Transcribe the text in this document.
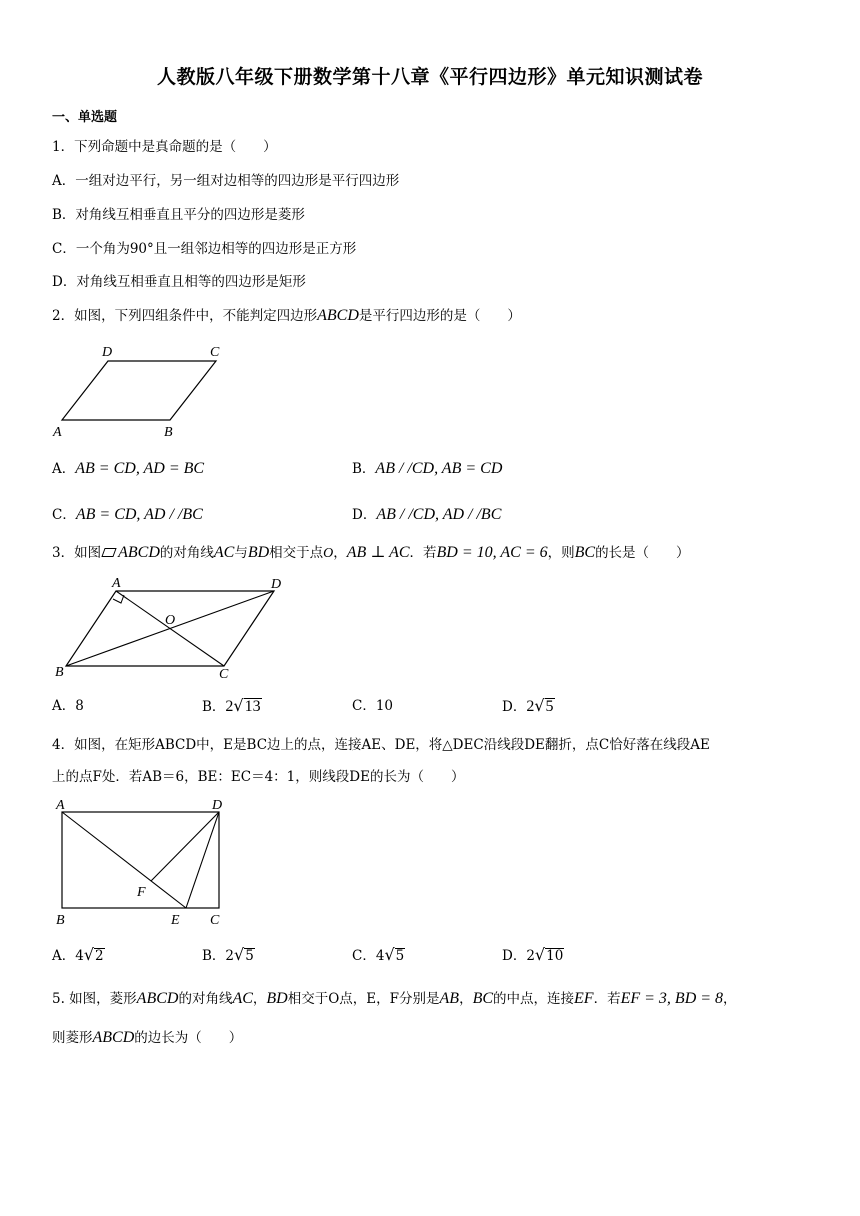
人教版八年级下册数学第十八章《平行四边形》单元知识测试卷
一、单选题
1．下列命题中是真命题的是（　　）
A．一组对边平行，另一组对边相等的四边形是平行四边形
B．对角线互相垂直且平分的四边形是菱形
C．一个角为90°且一组邻边相等的四边形是正方形
D．对角线互相垂直且相等的四边形是矩形
2．如图，下列四组条件中，不能判定四边形ABCD是平行四边形的是（　　）
A	B
C
D
A．AB = CD, AD = BC	B．AB / /CD, AB = CD
C．AB = CD, AD / /BC	D．AB / /CD, AD / /BC
3．如图 ABCD的对角线AC与BD相交于点O，AB ⊥ AC．若BD = 10, AC = 6，则BC的长是（　　）
A
B	C
D
O
A．8	B．2√13	C．10	D．2√5
4．如图，在矩形ABCD中，E是BC边上的点，连接AE、DE，将△DEC沿线段DE翻折，点C恰好落在线段AE
上的点F处．若AB＝6，BE：EC＝4：1，则线段DE的长为（　　）
A
B	C
D
E
F
A．4√2	B．2√5	C．4√5	D．2√10
5. 如图，菱形ABCD的对角线AC，BD相交于O点，E，F分别是AB，BC的中点，连接EF．若EF = 3, BD = 8，
则菱形ABCD的边长为（　　）
